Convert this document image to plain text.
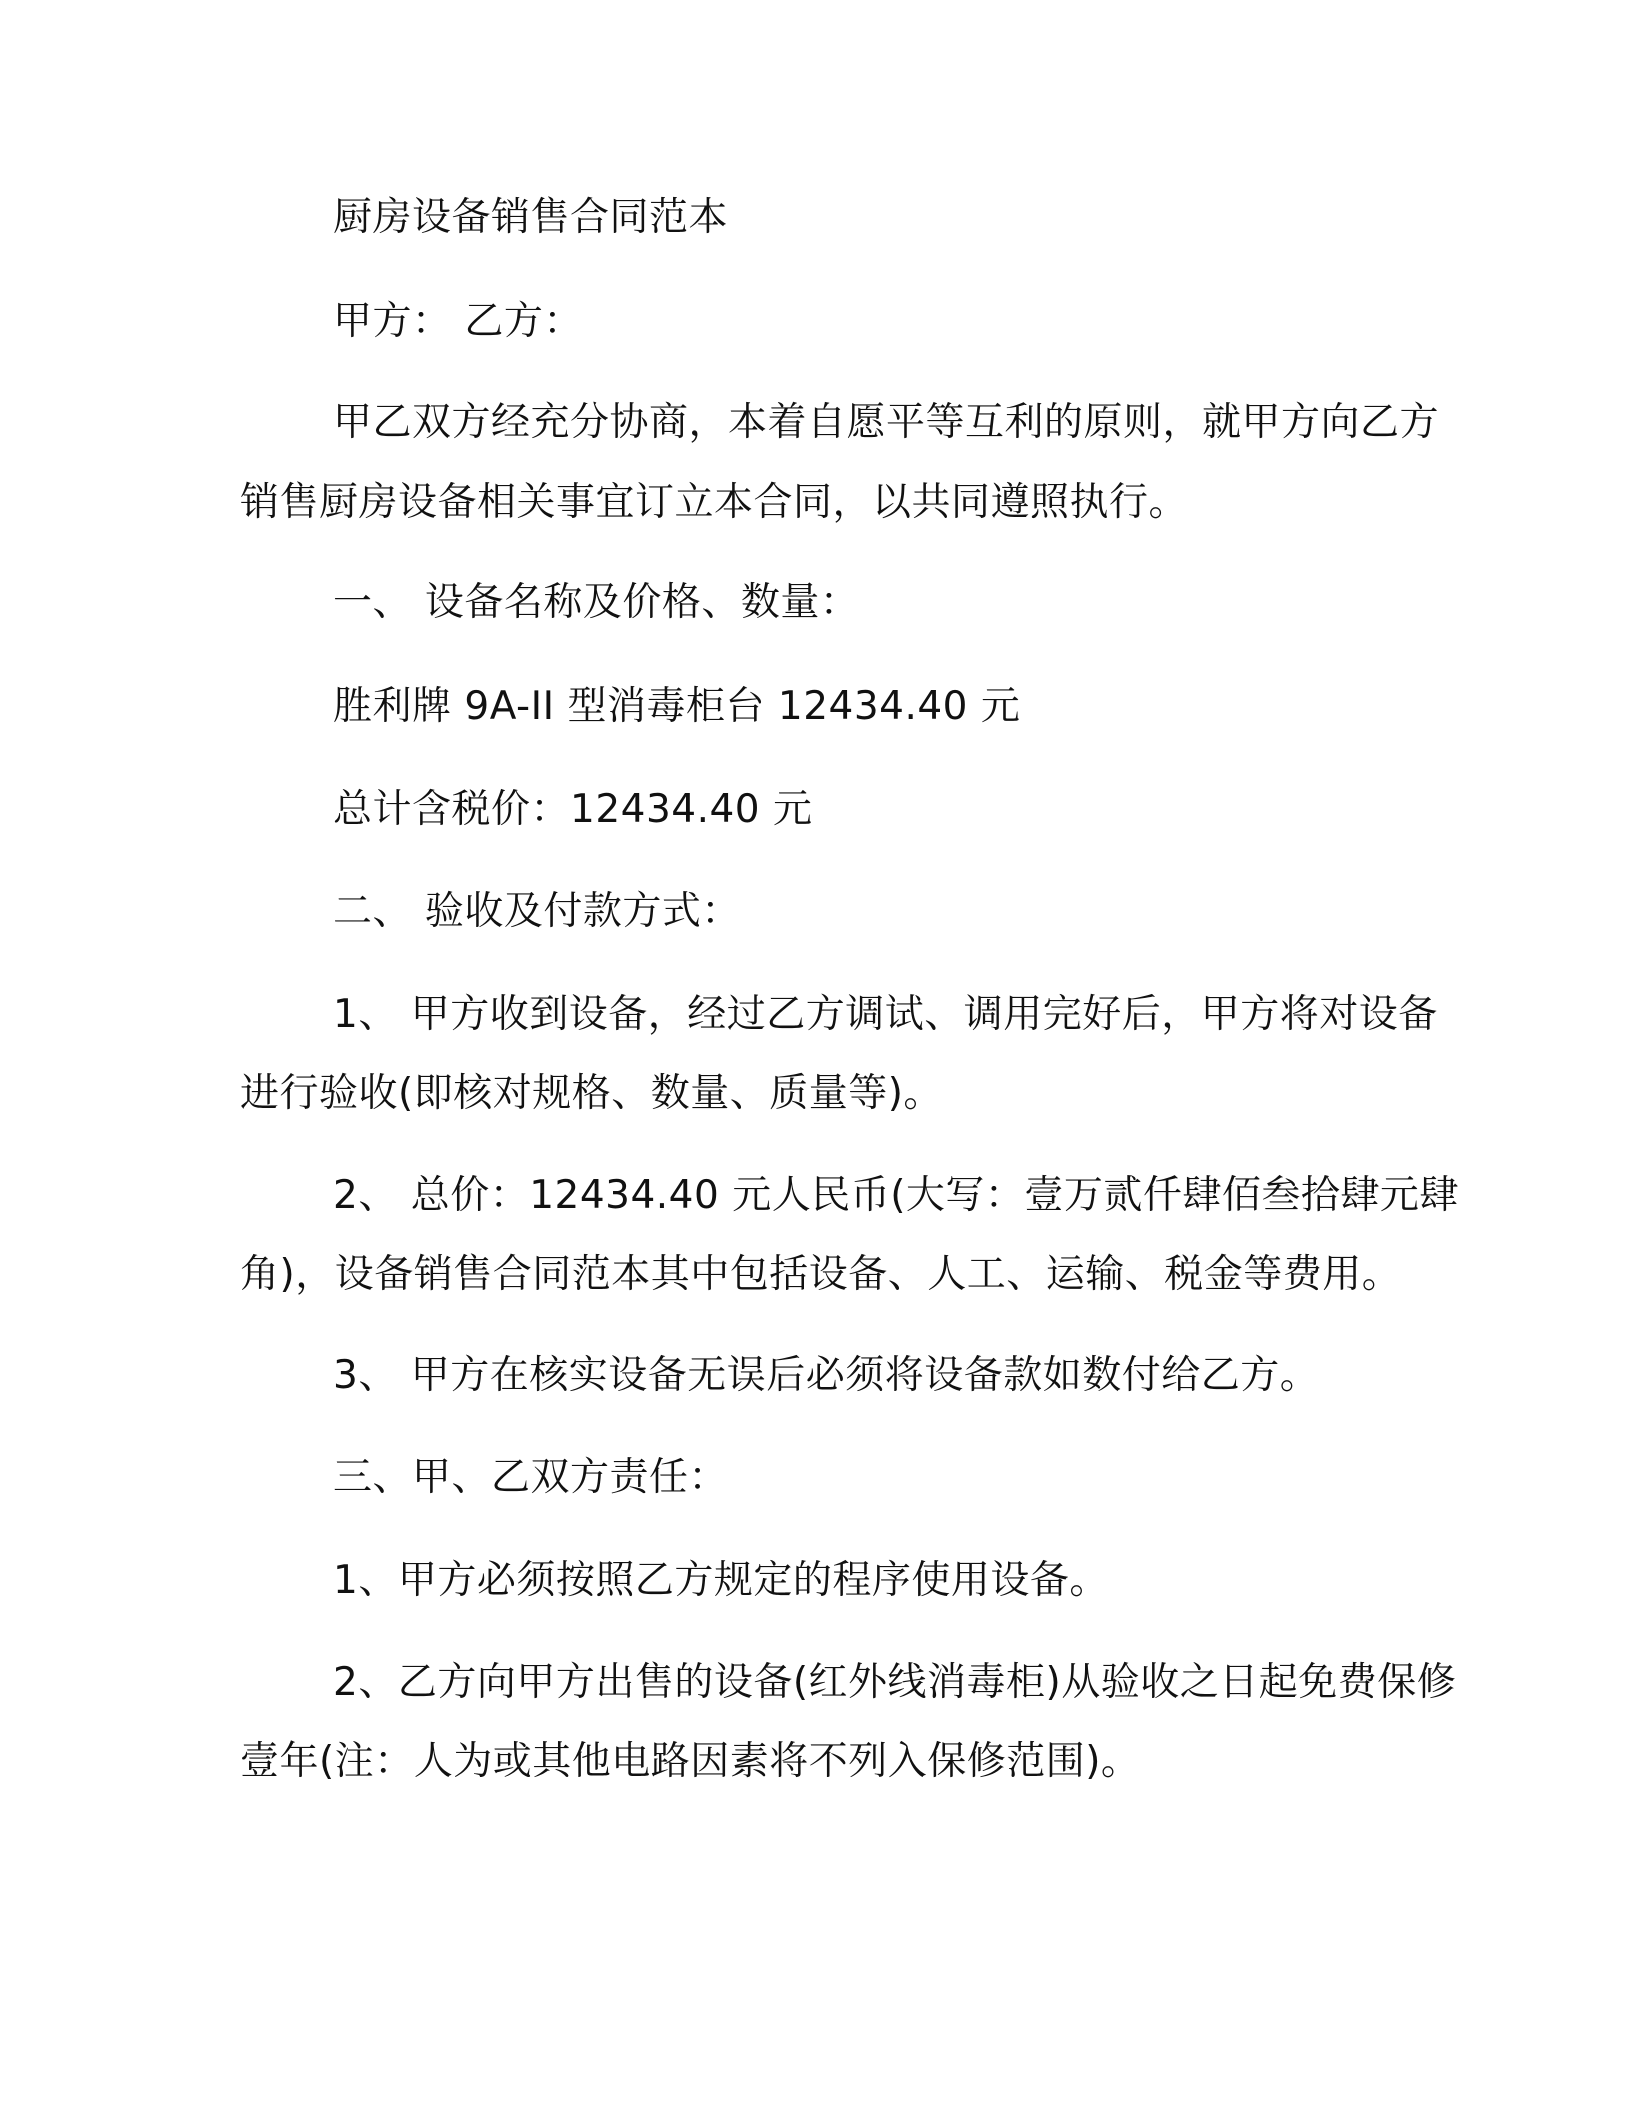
厨房设备销售合同范本
甲方： 乙方：
甲乙双方经充分协商，本着自愿平等互利的原则，就甲方向乙方
销售厨房设备相关事宜订立本合同，以共同遵照执行。
一、 设备名称及价格、数量：
胜利牌 9A-II 型消毒柜台 12434.40 元
总计含税价：12434.40 元
二、 验收及付款方式：
1、 甲方收到设备，经过乙方调试、调用完好后，甲方将对设备
进行验收(即核对规格、数量、质量等)。
2、 总价：12434.40 元人民币(大写：壹万贰仟肆佰叁拾肆元肆
角)，设备销售合同范本其中包括设备、人工、运输、税金等费用。
3、 甲方在核实设备无误后必须将设备款如数付给乙方。
三、甲、乙双方责任：
1、甲方必须按照乙方规定的程序使用设备。
2、乙方向甲方出售的设备(红外线消毒柜)从验收之日起免费保修
壹年(注：人为或其他电路因素将不列入保修范围)。
